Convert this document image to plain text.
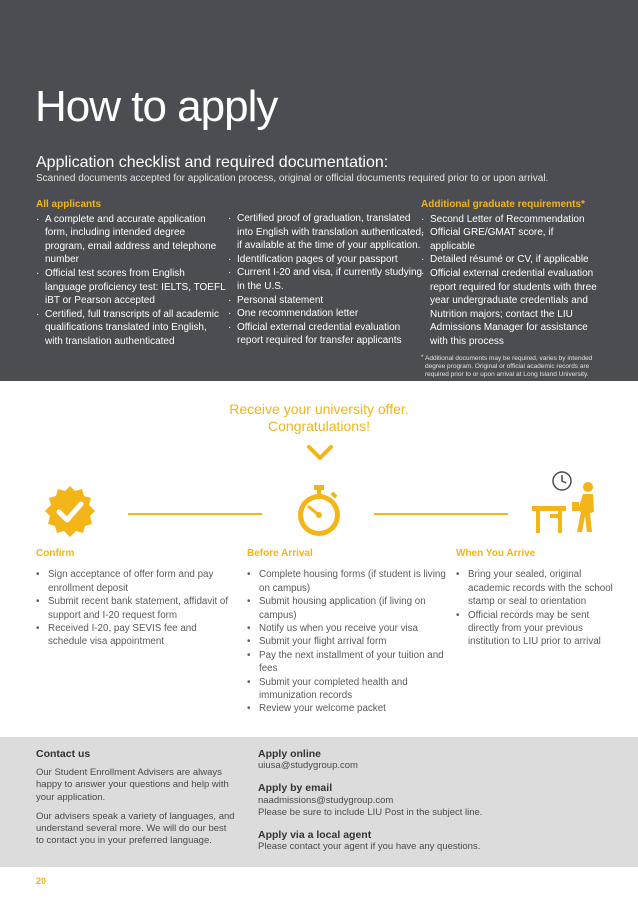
How to apply
Application checklist and required documentation:
Scanned documents accepted for application process, original or official documents required prior to or upon arrival.
All applicants
· A complete and accurate application form, including intended degree program, email address and telephone number
· Official test scores from English language proficiency test: IELTS, TOEFL iBT or Pearson accepted
· Certified, full transcripts of all academic qualifications translated into English, with translation authenticated
· Certified proof of graduation, translated into English with translation authenticated, if available at the time of your application.
· Identification pages of your passport
· Current I-20 and visa, if currently studying in the U.S.
· Personal statement
· One recommendation letter
· Official external credential evaluation report required for transfer applicants
Additional graduate requirements*
· Second Letter of Recommendation
· Official GRE/GMAT score, if applicable
· Detailed résumé or CV, if applicable
· Official external credential evaluation report required for students with three year undergraduate credentials and Nutrition majors; contact the LIU Admissions Manager for assistance with this process
* Additional documents may be required, varies by intended degree program. Original or official academic records are required prior to or upon arrival at Long Island University.
Receive your university offer.
Congratulations!
Confirm
• Sign acceptance of offer form and pay enrollment deposit
• Submit recent bank statement, affidavit of support and I-20 request form
• Received I-20, pay SEVIS fee and schedule visa appointment
Before Arrival
• Complete housing forms (if student is living on campus)
• Submit housing application (if living on campus)
• Notify us when you receive your visa
• Submit your flight arrival form
• Pay the next installment of your tuition and fees
• Submit your completed health and immunization records
• Review your welcome packet
When You Arrive
• Bring your sealed, original academic records with the school stamp or seal to orientation
• Official records may be sent directly from your previous institution to LIU prior to arrival
Contact us

Our Student Enrollment Advisers are always happy to answer your questions and help with your application.

Our advisers speak a variety of languages, and understand several more. We will do our best to contact you in your preferred language.

Apply online
uiusa@studygroup.com
Apply by email
naadmissions@studygroup.com
Please be sure to include LIU Post in the subject line.
Apply via a local agent
Please contact your agent if you have any questions.
20
